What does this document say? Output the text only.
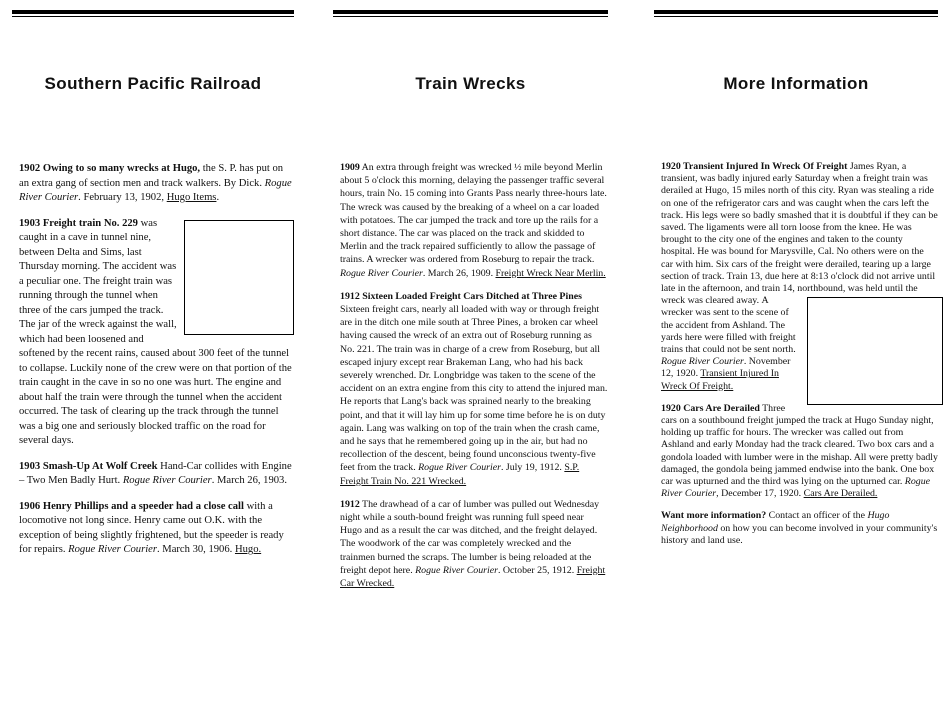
Southern Pacific Railroad

1902 Owing to so many wrecks at Hugo, the S. P. has put on an extra gang of section men and track walkers. By Dick. Rogue River Courier. February 13, 1902, Hugo Items.

1903 Freight train No. 229 was caught in a cave in tunnel nine, between Delta and Sims, last Thursday morning. The accident was a peculiar one. The freight train was running through the tunnel when three of the cars jumped the track. The jar of the wreck against the wall, which had been loosened and softened by the recent rains, caused about 300 feet of the tunnel to collapse. Luckily none of the crew were on that portion of the train caught in the cave in so no one was hurt. The engine and about half the train were through the tunnel when the accident occurred. The task of clearing up the track through the tunnel was a big one and seriously blocked traffic on the road for several days.

1903 Smash-Up At Wolf Creek Hand-Car collides with Engine – Two Men Badly Hurt. Rogue River Courier. March 26, 1903.

1906 Henry Phillips and a speeder had a close call with a locomotive not long since. Henry came out O.K. with the exception of being slightly frightened, but the speeder is ready for repairs. Rogue River Courier. March 30, 1906. Hugo.

Train Wrecks

1909 An extra through freight was wrecked ½ mile beyond Merlin about 5 o'clock this morning, delaying the passenger traffic several hours, train No. 15 coming into Grants Pass nearly three-hours late. The wreck was caused by the breaking of a wheel on a car loaded with potatoes. The car jumped the track and tore up the rails for a short distance. The car was placed on the track and skidded to Merlin and the track repaired sufficiently to allow the passage of trains. A wrecker was ordered from Roseburg to repair the track. Rogue River Courier. March 26, 1909. Freight Wreck Near Merlin.

1912 Sixteen Loaded Freight Cars Ditched at Three Pines Sixteen freight cars, nearly all loaded with way or through freight are in the ditch one mile south at Three Pines, a broken car wheel having caused the wreck of an extra out of Roseburg running as No. 221. The train was in charge of a crew from Roseburg, but all escaped injury except rear Brakeman Lang, who had his back severely wrenched. Dr. Longbridge was taken to the scene of the accident on an extra engine from this city to attend the injured man. He reports that Lang's back was sprained nearly to the breaking point, and that it will lay him up for some time before he is on duty again. Lang was walking on top of the train when the crash came, and he says that he remembered going up in the air, but had no recollection of the descent, being found unconscious twenty-five feet from the track. Rogue River Courier. July 19, 1912. S.P. Freight Train No. 221 Wrecked.

1912 The drawhead of a car of lumber was pulled out Wednesday night while a south-bound freight was running full speed near Hugo and as a result the car was ditched, and the freight delayed. The woodwork of the car was completely wrecked and the trainmen burned the scraps. The lumber is being reloaded at the freight depot here. Rogue River Courier. October 25, 1912. Freight Car Wrecked.

More Information

1920 Transient Injured In Wreck Of Freight James Ryan, a transient, was badly injured early Saturday when a freight train was derailed at Hugo, 15 miles north of this city. Ryan was stealing a ride on one of the refrigerator cars and was caught when the cars left the track. His legs were so badly smashed that it is doubtful if they can be saved. The ligaments were all torn loose from the knee. He was brought to the city one of the engines and taken to the county hospital. He was bound for Marysville, Cal. No others were on the car with him. Six cars of the freight were derailed, tearing up a large section of track. Train 13, due here at 8:13 o'clock did not arrive until late in the afternoon, and train 14, northbound, was held until the wreck was cleared away.
A wrecker was sent to the scene of the accident from Ashland. The yards here were filled with freight trains that could not be sent north. Rogue River Courier. November 12, 1920. Transient Injured In Wreck Of Freight.

1920 Cars Are Derailed Three cars on a southbound freight jumped the track at Hugo Sunday night, holding up traffic for hours. The wrecker was called out from Ashland and early Monday had the track cleared. Two box cars and a gondola loaded with lumber were in the mishap. All were pretty badly damaged, the gondola being jammed endwise into the bank. One box car was upturned and the third was lying on the upturned car. Rogue River Courier, December 17, 1920. Cars Are Derailed.

Want more information? Contact an officer of the Hugo Neighborhood on how you can become involved in your community's history and land use.
